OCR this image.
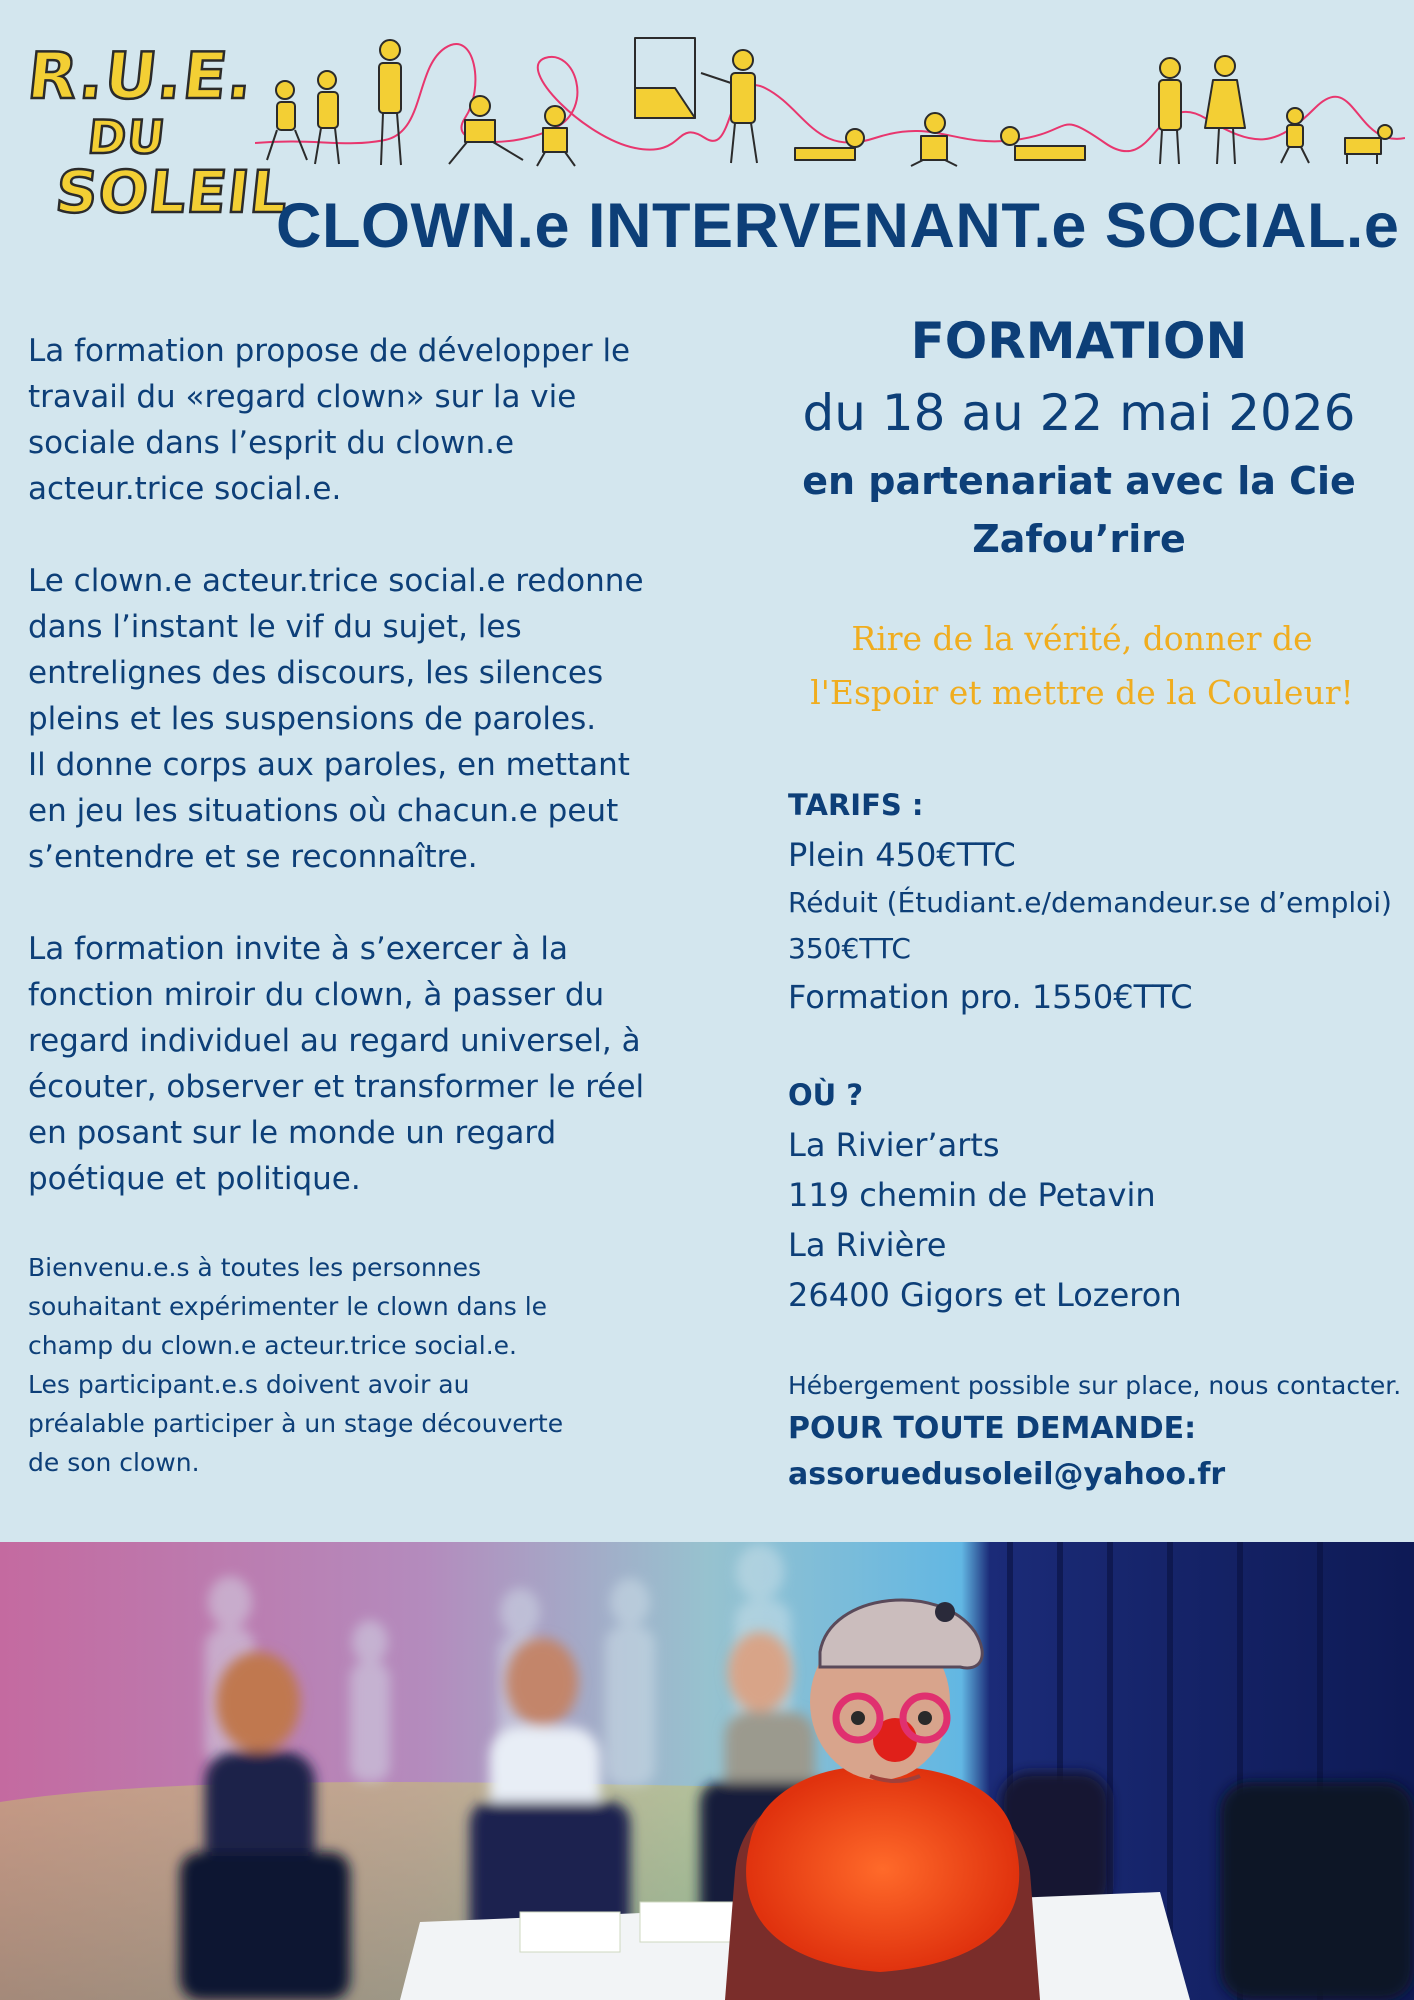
R.U.E.
DU
SOLEIL
CLOWN.e INTERVENANT.e SOCIAL.e
La formation propose de développer le
travail du «regard clown» sur la vie
sociale dans l’esprit du clown.e
acteur.trice social.e.
Le clown.e acteur.trice social.e redonne
dans l’instant le vif du sujet, les
entrelignes des discours, les silences
pleins et les suspensions de paroles.
Il donne corps aux paroles, en mettant
en jeu les situations où chacun.e peut
s’entendre et se reconnaître.
La formation invite à s’exercer à la
fonction miroir du clown, à passer du
regard individuel au regard universel, à
écouter, observer et transformer le réel
en posant sur le monde un regard
poétique et politique.
Bienvenu.e.s à toutes les personnes
souhaitant expérimenter le clown dans le
champ du clown.e acteur.trice social.e.
Les participant.e.s doivent avoir au
préalable participer à un stage découverte
de son clown.
FORMATION
du 18 au 22 mai 2026
en partenariat avec la Cie Zafou’rire
Rire de la vérité, donner de
l'Espoir et mettre de la Couleur!
TARIFS :
Plein 450€TTC
Réduit (Étudiant.e/demandeur.se d’emploi)
350€TTC
Formation pro. 1550€TTC
OÙ ?
La Rivier’arts
119 chemin de Petavin
La Rivière
26400 Gigors et Lozeron
Hébergement possible sur place, nous contacter.
POUR TOUTE DEMANDE:
assoruedusoleil@yahoo.fr
